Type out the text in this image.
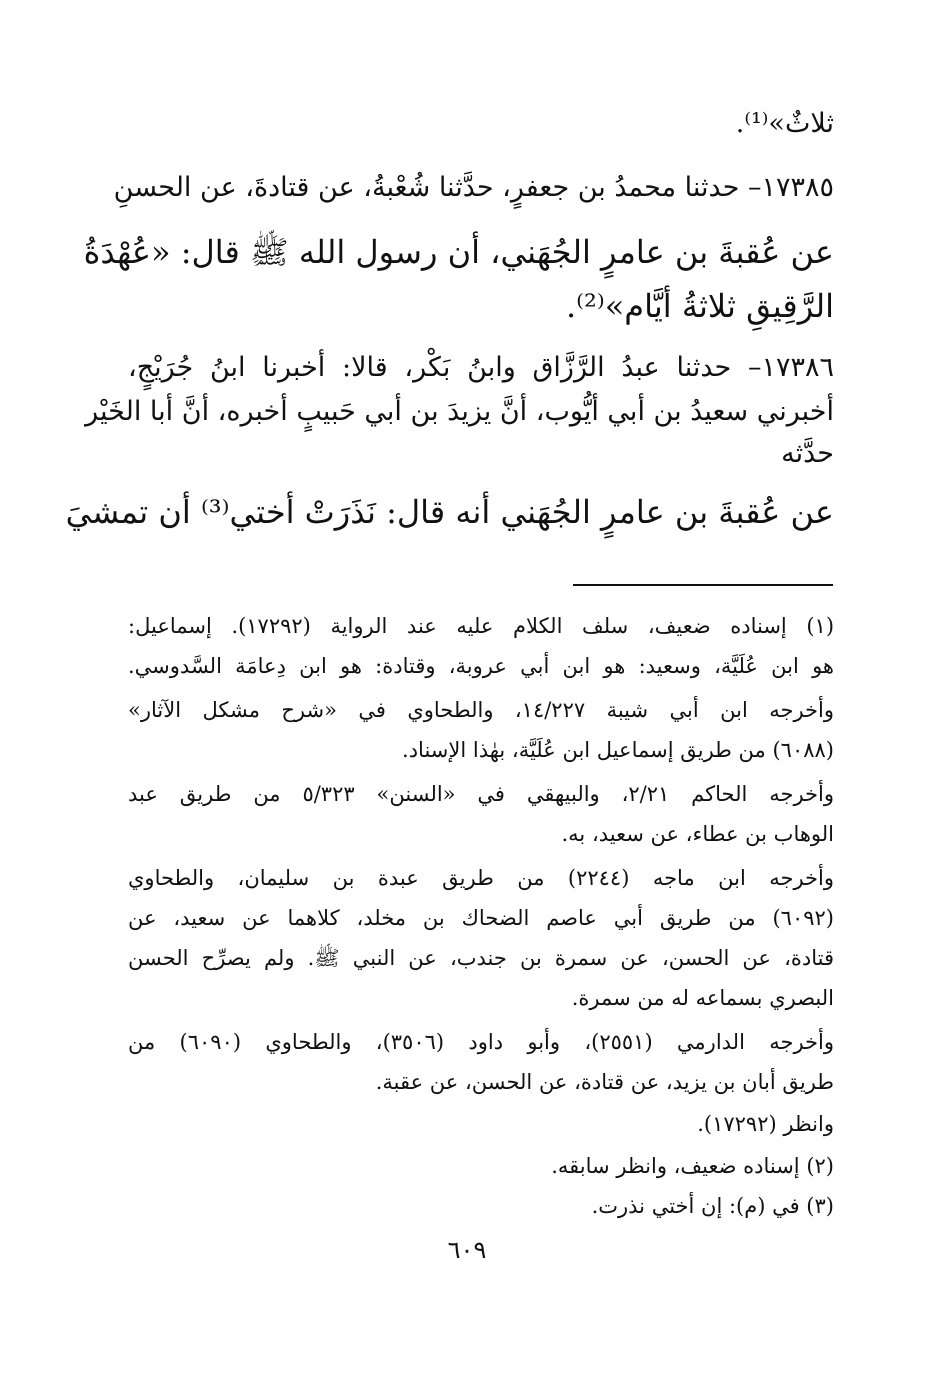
ثلاثٌ»⁽¹⁾.
١٧٣٨٥– حدثنا محمدُ بن جعفرٍ، حدَّثنا شُعْبةُ، عن قتادةَ، عن الحسنِ
عن عُقبةَ بن عامرٍ الجُهَني، أن رسول الله ﷺ قال: «عُهْدَةُ
الرَّقِيقِ ثلاثةُ أيَّام»⁽²⁾.
١٧٣٨٦– حدثنا عبدُ الرَّزَّاق وابنُ بَكْر، قالا: أخبرنا ابنُ جُرَيْجٍ،
أخبرني سعيدُ بن أبي أيُّوب، أنَّ يزيدَ بن أبي حَبيبٍ أخبره، أنَّ أبا الخَيْر
حدَّثه
عن عُقبةَ بن عامرٍ الجُهَني أنه قال: نَذَرَتْ أختي⁽³⁾ أن تمشيَ
(١) إسناده ضعيف، سلف الكلام عليه عند الرواية (١٧٢٩٢). إسماعيل:
هو ابن عُلَيَّة، وسعيد: هو ابن أبي عروبة، وقتادة: هو ابن دِعامَة السَّدوسي.
وأخرجه ابن أبي شيبة ١٤/٢٢٧، والطحاوي في «شرح مشكل الآثار»
(٦٠٨٨) من طريق إسماعيل ابن عُلَيَّة، بهٰذا الإسناد.
وأخرجه الحاكم ٢/٢١، والبيهقي في «السنن» ٥/٣٢٣ من طريق عبد
الوهاب بن عطاء، عن سعيد، به.
وأخرجه ابن ماجه (٢٢٤٤) من طريق عبدة بن سليمان، والطحاوي
(٦٠٩٢) من طريق أبي عاصم الضحاك بن مخلد، كلاهما عن سعيد، عن
قتادة، عن الحسن، عن سمرة بن جندب، عن النبي ﷺ. ولم يصرِّح الحسن
البصري بسماعه له من سمرة.
وأخرجه الدارمي (٢٥٥١)، وأبو داود (٣٥٠٦)، والطحاوي (٦٠٩٠) من
طريق أبان بن يزيد، عن قتادة، عن الحسن، عن عقبة.
وانظر (١٧٢٩٢).
(٢) إسناده ضعيف، وانظر سابقه.
(٣) في (م): إن أختي نذرت.
٦٠٩
